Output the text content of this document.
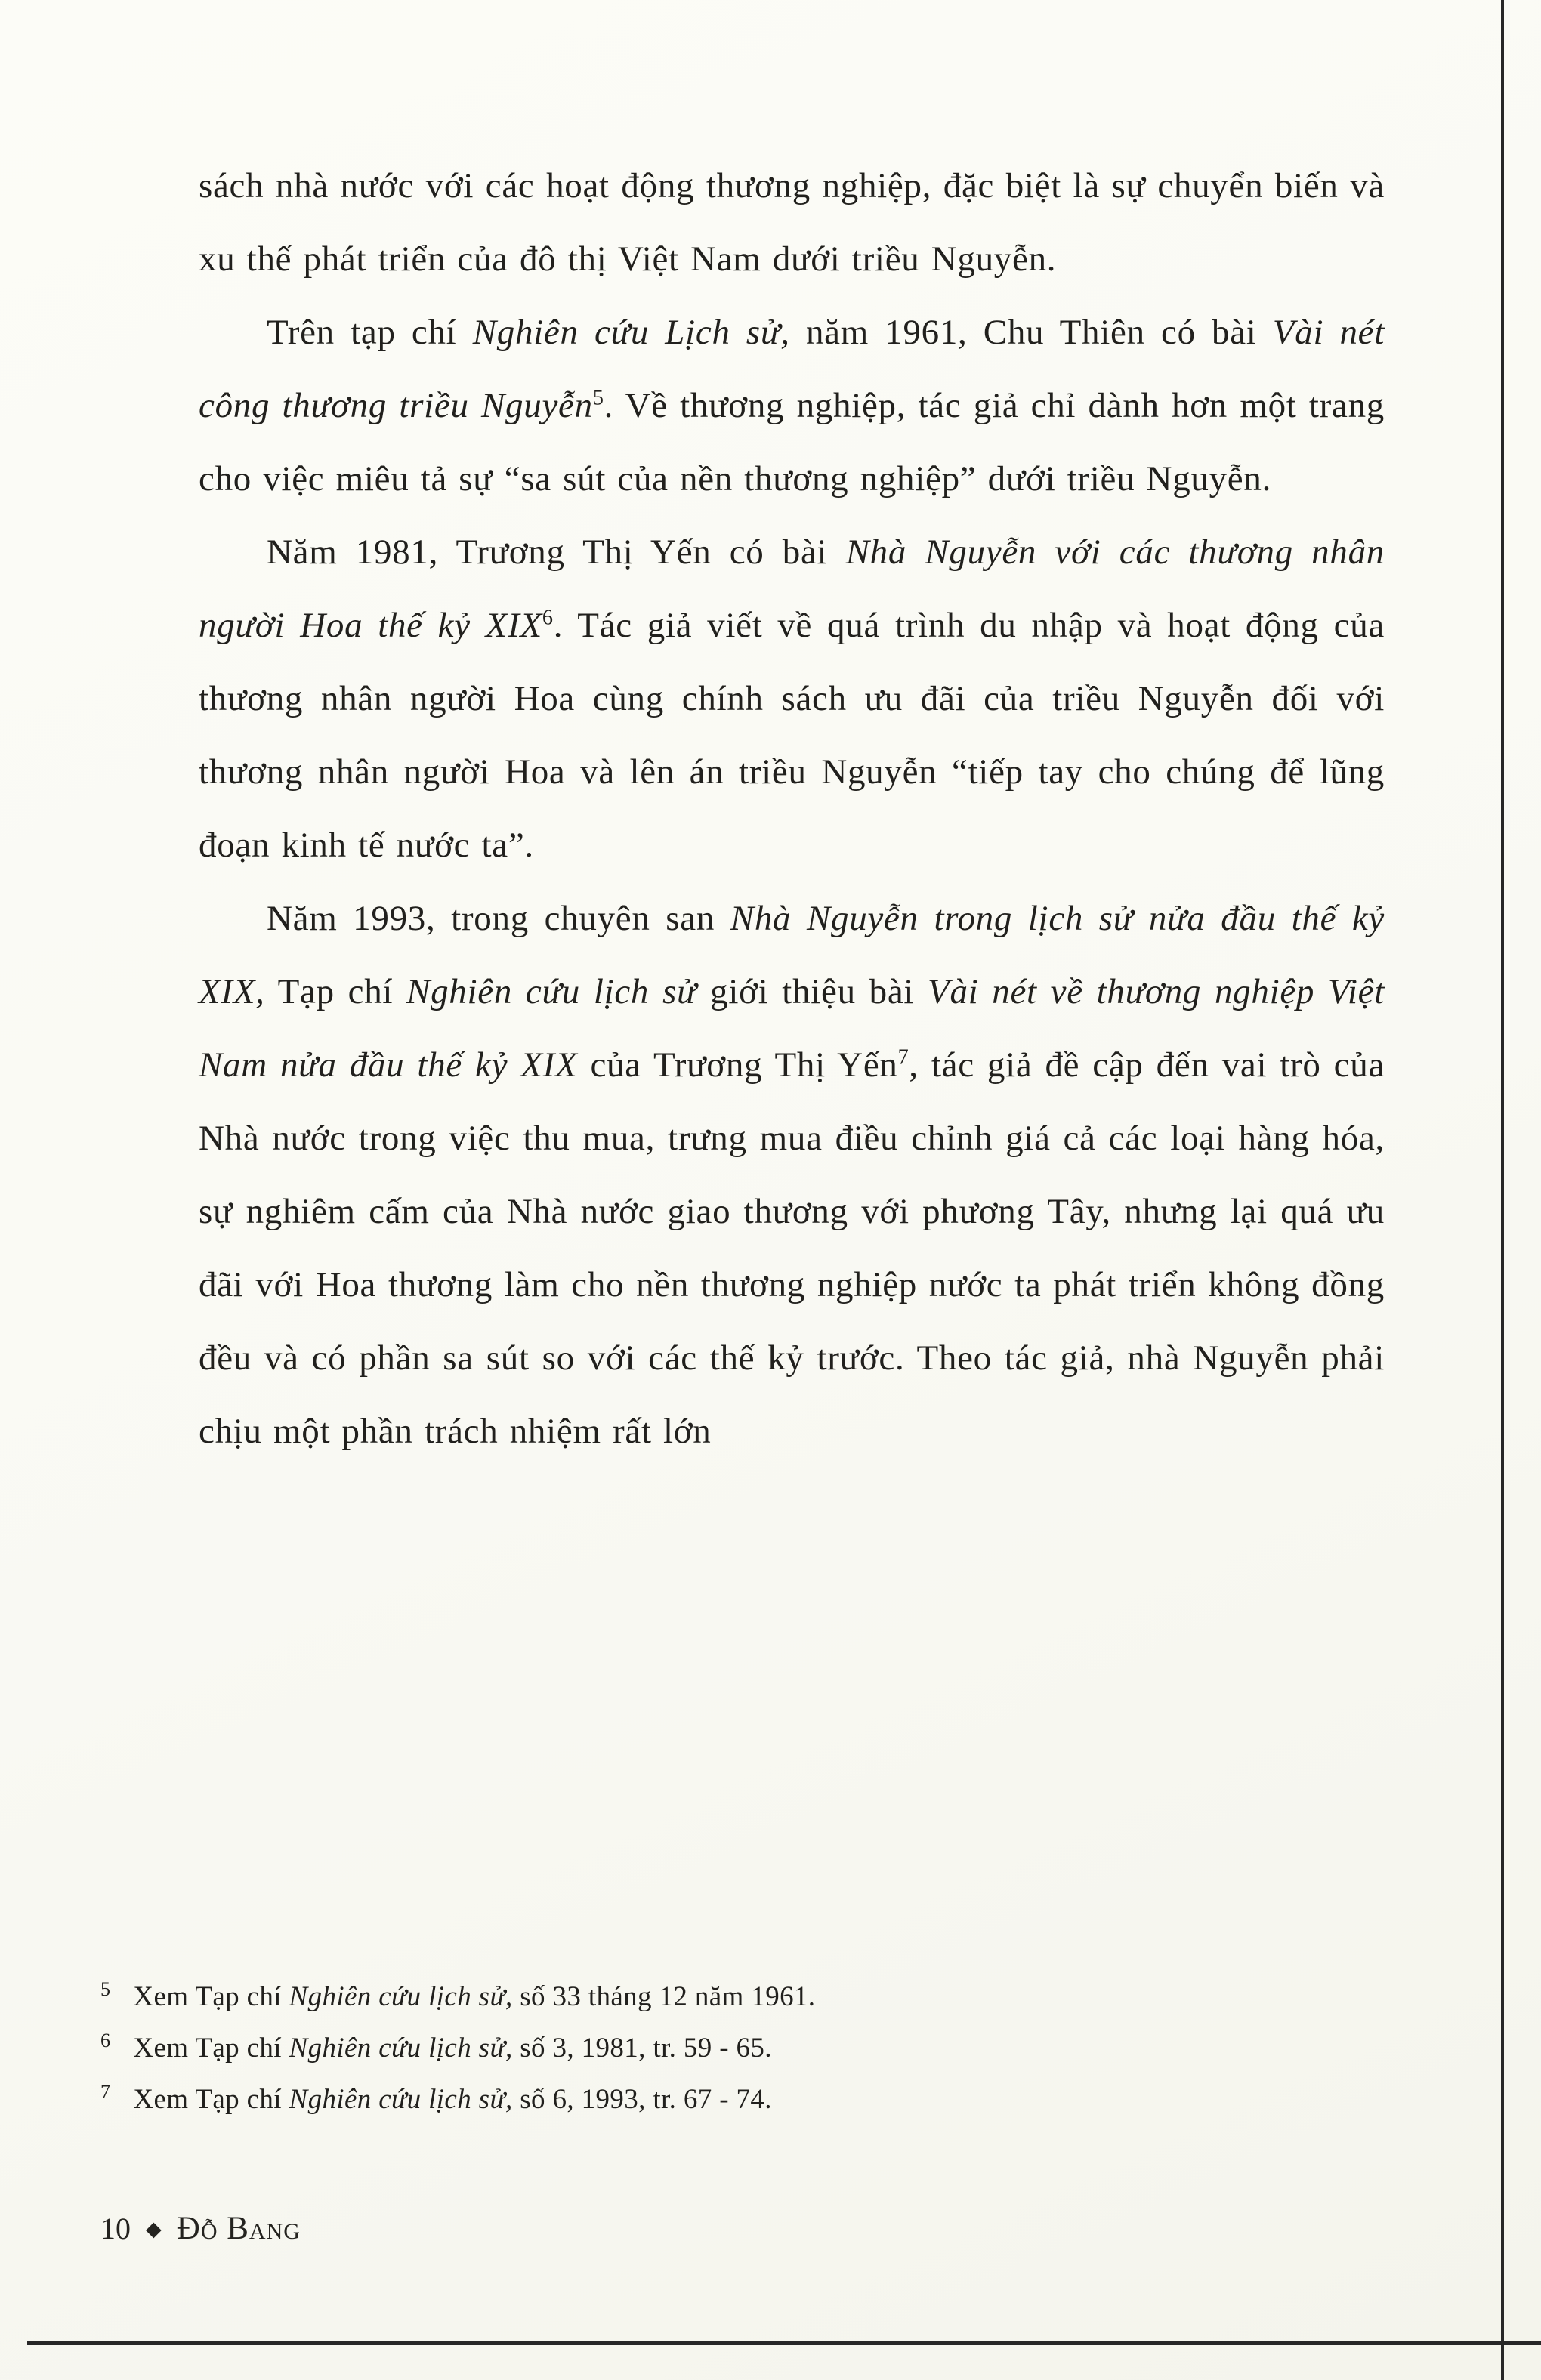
sách nhà nước với các hoạt động thương nghiệp, đặc biệt là sự chuyển biến và xu thế phát triển của đô thị Việt Nam dưới triều Nguyễn.

Trên tạp chí Nghiên cứu Lịch sử, năm 1961, Chu Thiên có bài Vài nét công thương triều Nguyễn$^5$. Về thương nghiệp, tác giả chỉ dành hơn một trang cho việc miêu tả sự “sa sút của nền thương nghiệp” dưới triều Nguyễn.

Năm 1981, Trương Thị Yến có bài Nhà Nguyễn với các thương nhân người Hoa thế kỷ XIX$^6$. Tác giả viết về quá trình du nhập và hoạt động của thương nhân người Hoa cùng chính sách ưu đãi của triều Nguyễn đối với thương nhân người Hoa và lên án triều Nguyễn “tiếp tay cho chúng để lũng đoạn kinh tế nước ta”.

Năm 1993, trong chuyên san Nhà Nguyễn trong lịch sử nửa đầu thế kỷ XIX, Tạp chí Nghiên cứu lịch sử giới thiệu bài Vài nét về thương nghiệp Việt Nam nửa đầu thế kỷ XIX của Trương Thị Yến$^7$, tác giả đề cập đến vai trò của Nhà nước trong việc thu mua, trưng mua điều chỉnh giá cả các loại hàng hóa, sự nghiêm cấm của Nhà nước giao thương với phương Tây, nhưng lại quá ưu đãi với Hoa thương làm cho nền thương nghiệp nước ta phát triển không đồng đều và có phần sa sút so với các thế kỷ trước. Theo tác giả, nhà Nguyễn phải chịu một phần trách nhiệm rất lớn

$^5$ Xem Tạp chí Nghiên cứu lịch sử, số 33 tháng 12 năm 1961.
$^6$ Xem Tạp chí Nghiên cứu lịch sử, số 3, 1981, tr. 59 - 65.
$^7$ Xem Tạp chí Nghiên cứu lịch sử, số 6, 1993, tr. 67 - 74.
10 ◆ Đỗ Bang
